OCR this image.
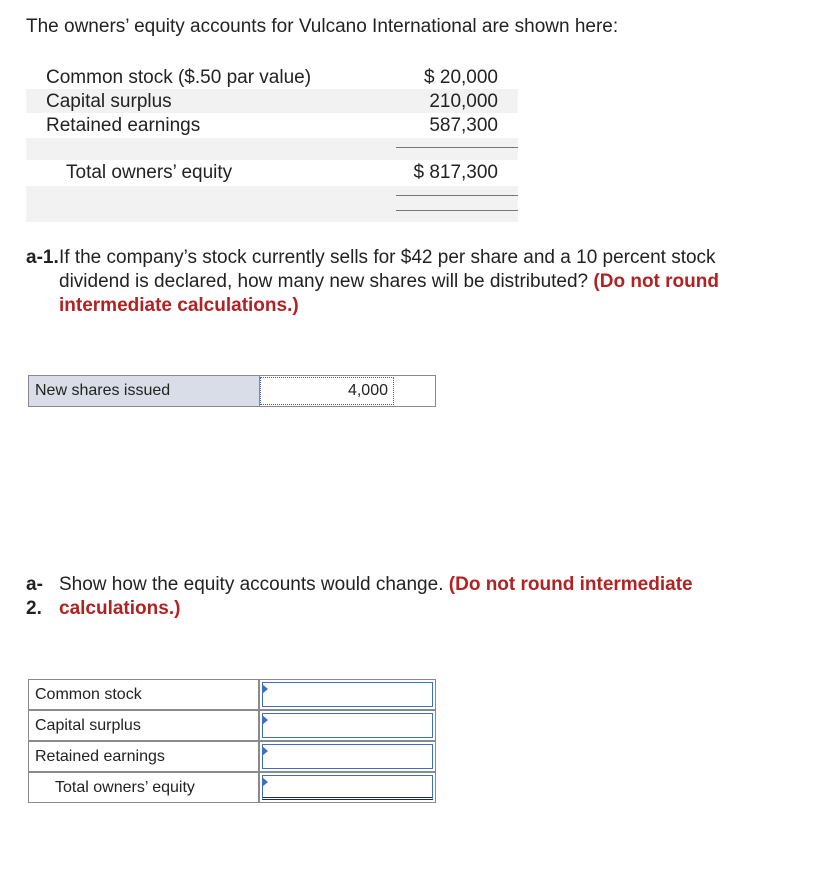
The owners’ equity accounts for Vulcano International are shown here:
Common stock ($.50 par value)	$ 20,000
Capital surplus	210,000
Retained earnings	587,300
Total owners’ equity	$ 817,300
a-1. If the company’s stock currently sells for $42 per share and a 10 percent stock
dividend is declared, how many new shares will be distributed? (Do not round
intermediate calculations.)
New shares issued	4,000
a-
2.
Show how the equity accounts would change. (Do not round intermediate
calculations.)
Common stock
Capital surplus
Retained earnings
Total owners’ equity
